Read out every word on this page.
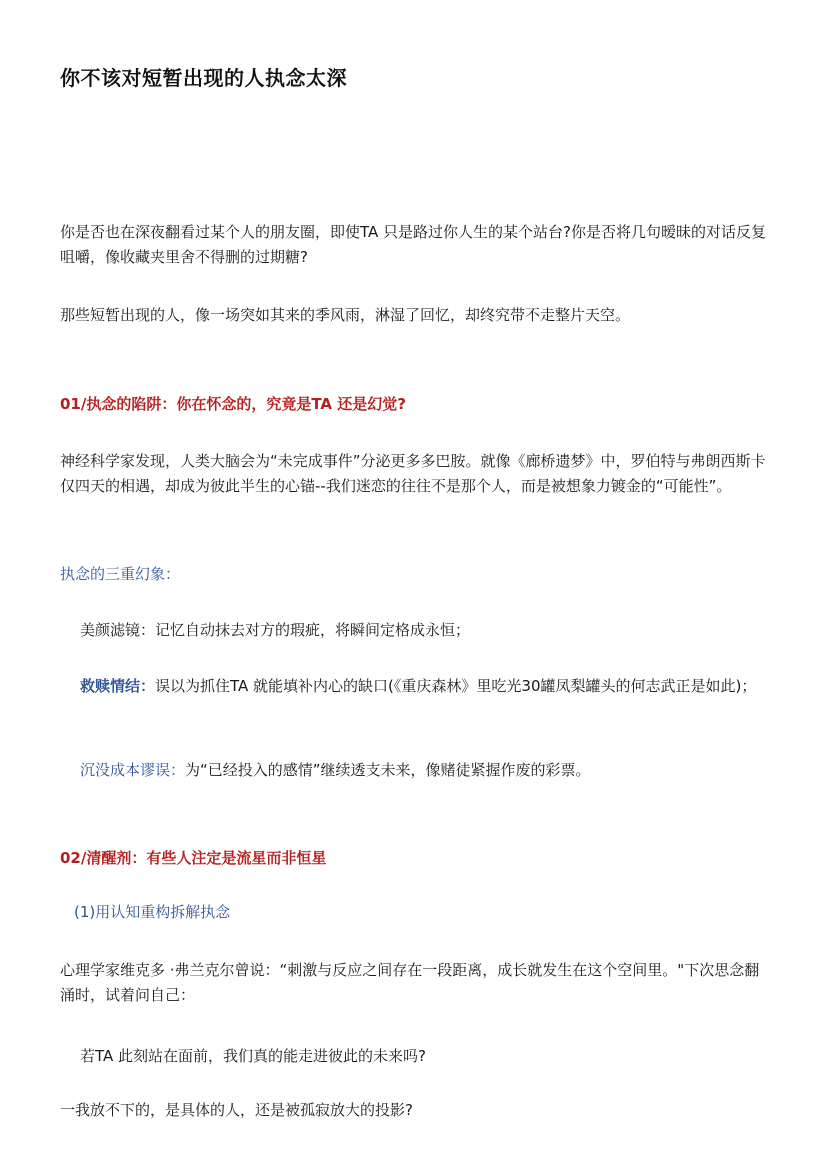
你不该对短暂出现的人执念太深

你是否也在深夜翻看过某个人的朋友圈，即使TA 只是路过你人生的某个站台?你是否将几句暧昧的对话反复咀嚼，像收藏夹里舍不得删的过期糖?

那些短暂出现的人，像一场突如其来的季风雨，淋湿了回忆，却终究带不走整片天空。

01/执念的陷阱：你在怀念的，究竟是TA 还是幻觉?

神经科学家发现，人类大脑会为“未完成事件”分泌更多多巴胺。就像《廊桥遗梦》中，罗伯特与弗朗西斯卡仅四天的相遇，却成为彼此半生的心锚--我们迷恋的往往不是那个人，而是被想象力镀金的“可能性”。

执念的三重幻象：

美颜滤镜：记忆自动抹去对方的瑕疵，将瞬间定格成永恒；

救赎情结：误以为抓住TA 就能填补内心的缺口(《重庆森林》里吃光30罐凤梨罐头的何志武正是如此)；

沉没成本谬误：为“已经投入的感情”继续透支未来，像赌徒紧握作废的彩票。

02/清醒剂：有些人注定是流星而非恒星

(1)用认知重构拆解执念

心理学家维克多 ·弗兰克尔曾说：“刺激与反应之间存在一段距离，成长就发生在这个空间里。"下次思念翻涌时，试着问自己：

若TA 此刻站在面前，我们真的能走进彼此的未来吗?

一我放不下的，是具体的人，还是被孤寂放大的投影?
